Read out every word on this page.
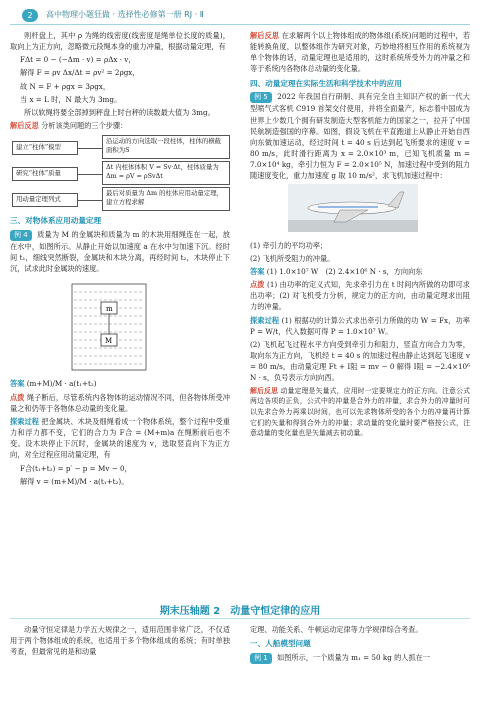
2	高中物理小题狂做 · 选择性必修第一册 RJ · Ⅱ

则杆盘上，其中 ρ 为绳的线密度(线密度是绳单位长度的质量)，取向上为正方向，忽略微元段绳本身的重力冲量，根据动量定理，有

FΔt = 0 − (−Δm · v) = ρΔx · v，
解得 F = ρv Δx/Δt = ρv² = 2ρgx，
故 N = F + ρgx = 3ρgx，
当 x = L 时，N 最大为 3mg。

所以软绳将要全部掉到秤盘上时台秤的读数最大值为 3mg。

解后反思 分析该类问题的三个步骤：

建立“柱体”模型
沿运动的方向选取一段柱体，柱体的横截面积为S
研究“柱体”质量
Δt 内柱体体积 V = Sv·Δt，柱体质量为 Δm = ρV = ρSvΔt
用动量定理列式
最后对质量为 Δm 的柱体应用动量定理，建立方程求解
三、对物体系应用动量定理

例 4 质量为 M 的金属块和质量为 m 的木块用细绳连在一起，放在水中，如图所示。从静止开始以加速度 a 在水中匀加速下沉。经时间 t₁，细线突然断裂，金属块和木块分离，再经时间 t₂，木块停止下沉，试求此时金属块的速度。

m
M

答案 (m+M)/M · a(t₁+t₂)

点拨 绳子断后，尽管系统内各物体的运动情况不同，但各物体所受冲量之和仍等于各物体总动量的变化量。

探索过程 把金属块、木块及细绳看成一个物体系统，整个过程中受重力和浮力都不变，它们的合力为 F合 = (M+m)a 在绳断前后也不变。设木块停止下沉时，金属块的速度为 v，选取竖直向下为正方向，对全过程应用动量定理，有

F合(t₁+t₂) = p′ − p = Mv − 0，
解得 v = (m+M)/M · a(t₁+t₂)。

解后反思 在求解两个以上物体组成的物体组(系统)问题的过程中，若能转换角度，以整体组作为研究对象，巧妙地将相互作用的系统视为单个物体的话，动量定理也是适用的，这时系统所受外力的冲量之和等于系统内各物体总动量的变化量。

四、动量定理在实际生活和科学技术中的应用

例 5 2022 年我国自行研制、具有完全自主知识产权的新一代大型喷气式客机 C919 首架交付使用，并将全面量产，标志着中国成为世界上少数几个拥有研发制造大型客机能力的国家之一，拉开了中国民航制造强国的序幕。如图，假设飞机在平直跑道上从静止开始自西向东做加速运动，经过时间 t = 40 s 后达到起飞所要求的速度 v = 80 m/s，此时滑行距离为 x = 2.0×10³ m，已知飞机质量 m = 7.0×10⁴ kg，牵引力恒为 F = 2.0×10⁵ N，加速过程中受到的阻力随速度变化，重力加速度 g 取 10 m/s²，求飞机加速过程中：

(1) 牵引力的平均功率；

(2) 飞机所受阻力的冲量。

答案 (1) 1.0×10⁷ W　(2) 2.4×10⁶ N · s，方向向东

点拨 (1) 由功率的定义式知，先求牵引力在 t 时间内所做的功即可求出功率；(2) 对飞机受力分析，规定力的正方向，由动量定理求出阻力的冲量。

探索过程 (1) 根据功的计算公式求出牵引力所做的功 W = Fx，功率 P = W/t，代入数据可得 P = 1.0×10⁷ W。

(2) 飞机起飞过程水平方向受到牵引力和阻力，竖直方向合力为零，取向东为正方向，飞机经 t = 40 s 的加速过程由静止达到起飞速度 v = 80 m/s，由动量定理 Ft + I阻 = mv − 0 解得 I阻 = −2.4×10⁶ N · s，负号表示方向向西。

解后反思 动量定理是矢量式，应用时一定要规定力的正方向。注意公式两边各项的正负，公式中的冲量是合外力的冲量，求合外力的冲量时可以先求合外力再乘以时间，也可以先求物体所受的各个力的冲量再计算它们的矢量和得到合外力的冲量；求动量的变化量时要严格按公式，注意动量的变化量也是矢量减去初动量。

期末压轴题 2　动量守恒定律的应用

动量守恒定律是力学五大规律之一，适用范围非常广泛，不仅适用于两个物体组成的系统，也适用于多个物体组成的系统；有时单独考查，但最常见的是和动量

定理、功能关系、牛顿运动定律等力学规律综合考查。

一、人船模型问题

例 1 如图所示，一个质量为 m₁ = 50 kg 的人抓在一
